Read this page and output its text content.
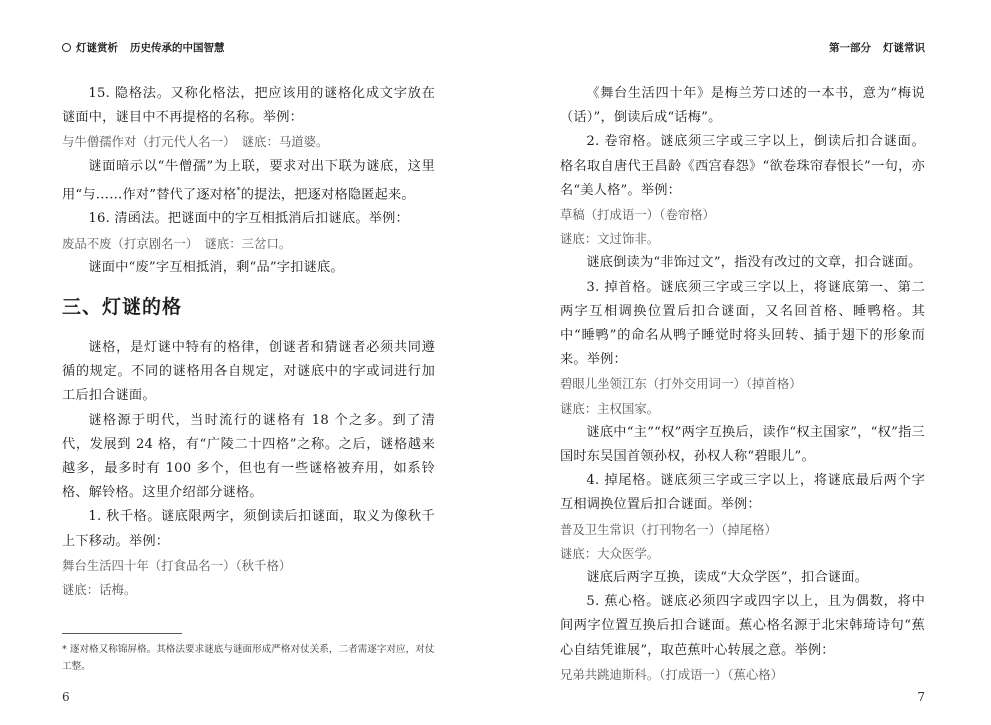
灯谜赏析 历史传承的中国智慧

15. 隐格法。又称化格法，把应该用的谜格化成文字放在谜面中，谜目中不再提格的名称。举例：

与牛僧孺作对（打元代人名一）　谜底：马道婆。

谜面暗示以“牛僧孺”为上联，要求对出下联为谜底，这里用“与……作对”替代了逐对格*的提法，把逐对格隐匿起来。

16. 清函法。把谜面中的字互相抵消后扣谜底。举例：

废品不废（打京剧名一）　谜底：三岔口。

谜面中“废”字互相抵消，剩“品”字扣谜底。

三、灯谜的格

谜格，是灯谜中特有的格律，创谜者和猜谜者必须共同遵循的规定。不同的谜格用各自规定，对谜底中的字或词进行加工后扣合谜面。

谜格源于明代，当时流行的谜格有 18 个之多。到了清代，发展到 24 格，有“广陵二十四格”之称。之后，谜格越来越多，最多时有 100 多个，但也有一些谜格被弃用，如系铃格、解铃格。这里介绍部分谜格。

1. 秋千格。谜底限两字，须倒读后扣谜面，取义为像秋千上下移动。举例：

舞台生活四十年（打食品名一）（秋千格）

谜底：话梅。

* 逐对格又称锦屏格。其格法要求谜底与谜面形成严格对仗关系，二者需逐字对应，对仗工整。
6
第一部分 灯谜常识

《舞台生活四十年》是梅兰芳口述的一本书，意为“梅说（话）”，倒读后成“话梅”。

2. 卷帘格。谜底须三字或三字以上，倒读后扣合谜面。格名取自唐代王昌龄《西宫春怨》“欲卷珠帘春恨长”一句，亦名“美人格”。举例：

草稿（打成语一）（卷帘格）

谜底：文过饰非。

谜底倒读为“非饰过文”，指没有改过的文章，扣合谜面。

3. 掉首格。谜底须三字或三字以上，将谜底第一、第二两字互相调换位置后扣合谜面，又名回首格、睡鸭格。其中“睡鸭”的命名从鸭子睡觉时将头回转、插于翅下的形象而来。举例：

碧眼儿坐领江东（打外交用词一）（掉首格）

谜底：主权国家。

谜底中“主”“权”两字互换后，读作“权主国家”，“权”指三国时东吴国首领孙权，孙权人称“碧眼儿”。

4. 掉尾格。谜底须三字或三字以上，将谜底最后两个字互相调换位置后扣合谜面。举例：

普及卫生常识（打刊物名一）（掉尾格）

谜底：大众医学。

谜底后两字互换，读成“大众学医”，扣合谜面。

5. 蕉心格。谜底必须四字或四字以上，且为偶数，将中间两字位置互换后扣合谜面。蕉心格名源于北宋韩琦诗句“蕉心自结凭谁展”，取芭蕉叶心转展之意。举例：

兄弟共跳迪斯科。（打成语一）（蕉心格）

7
